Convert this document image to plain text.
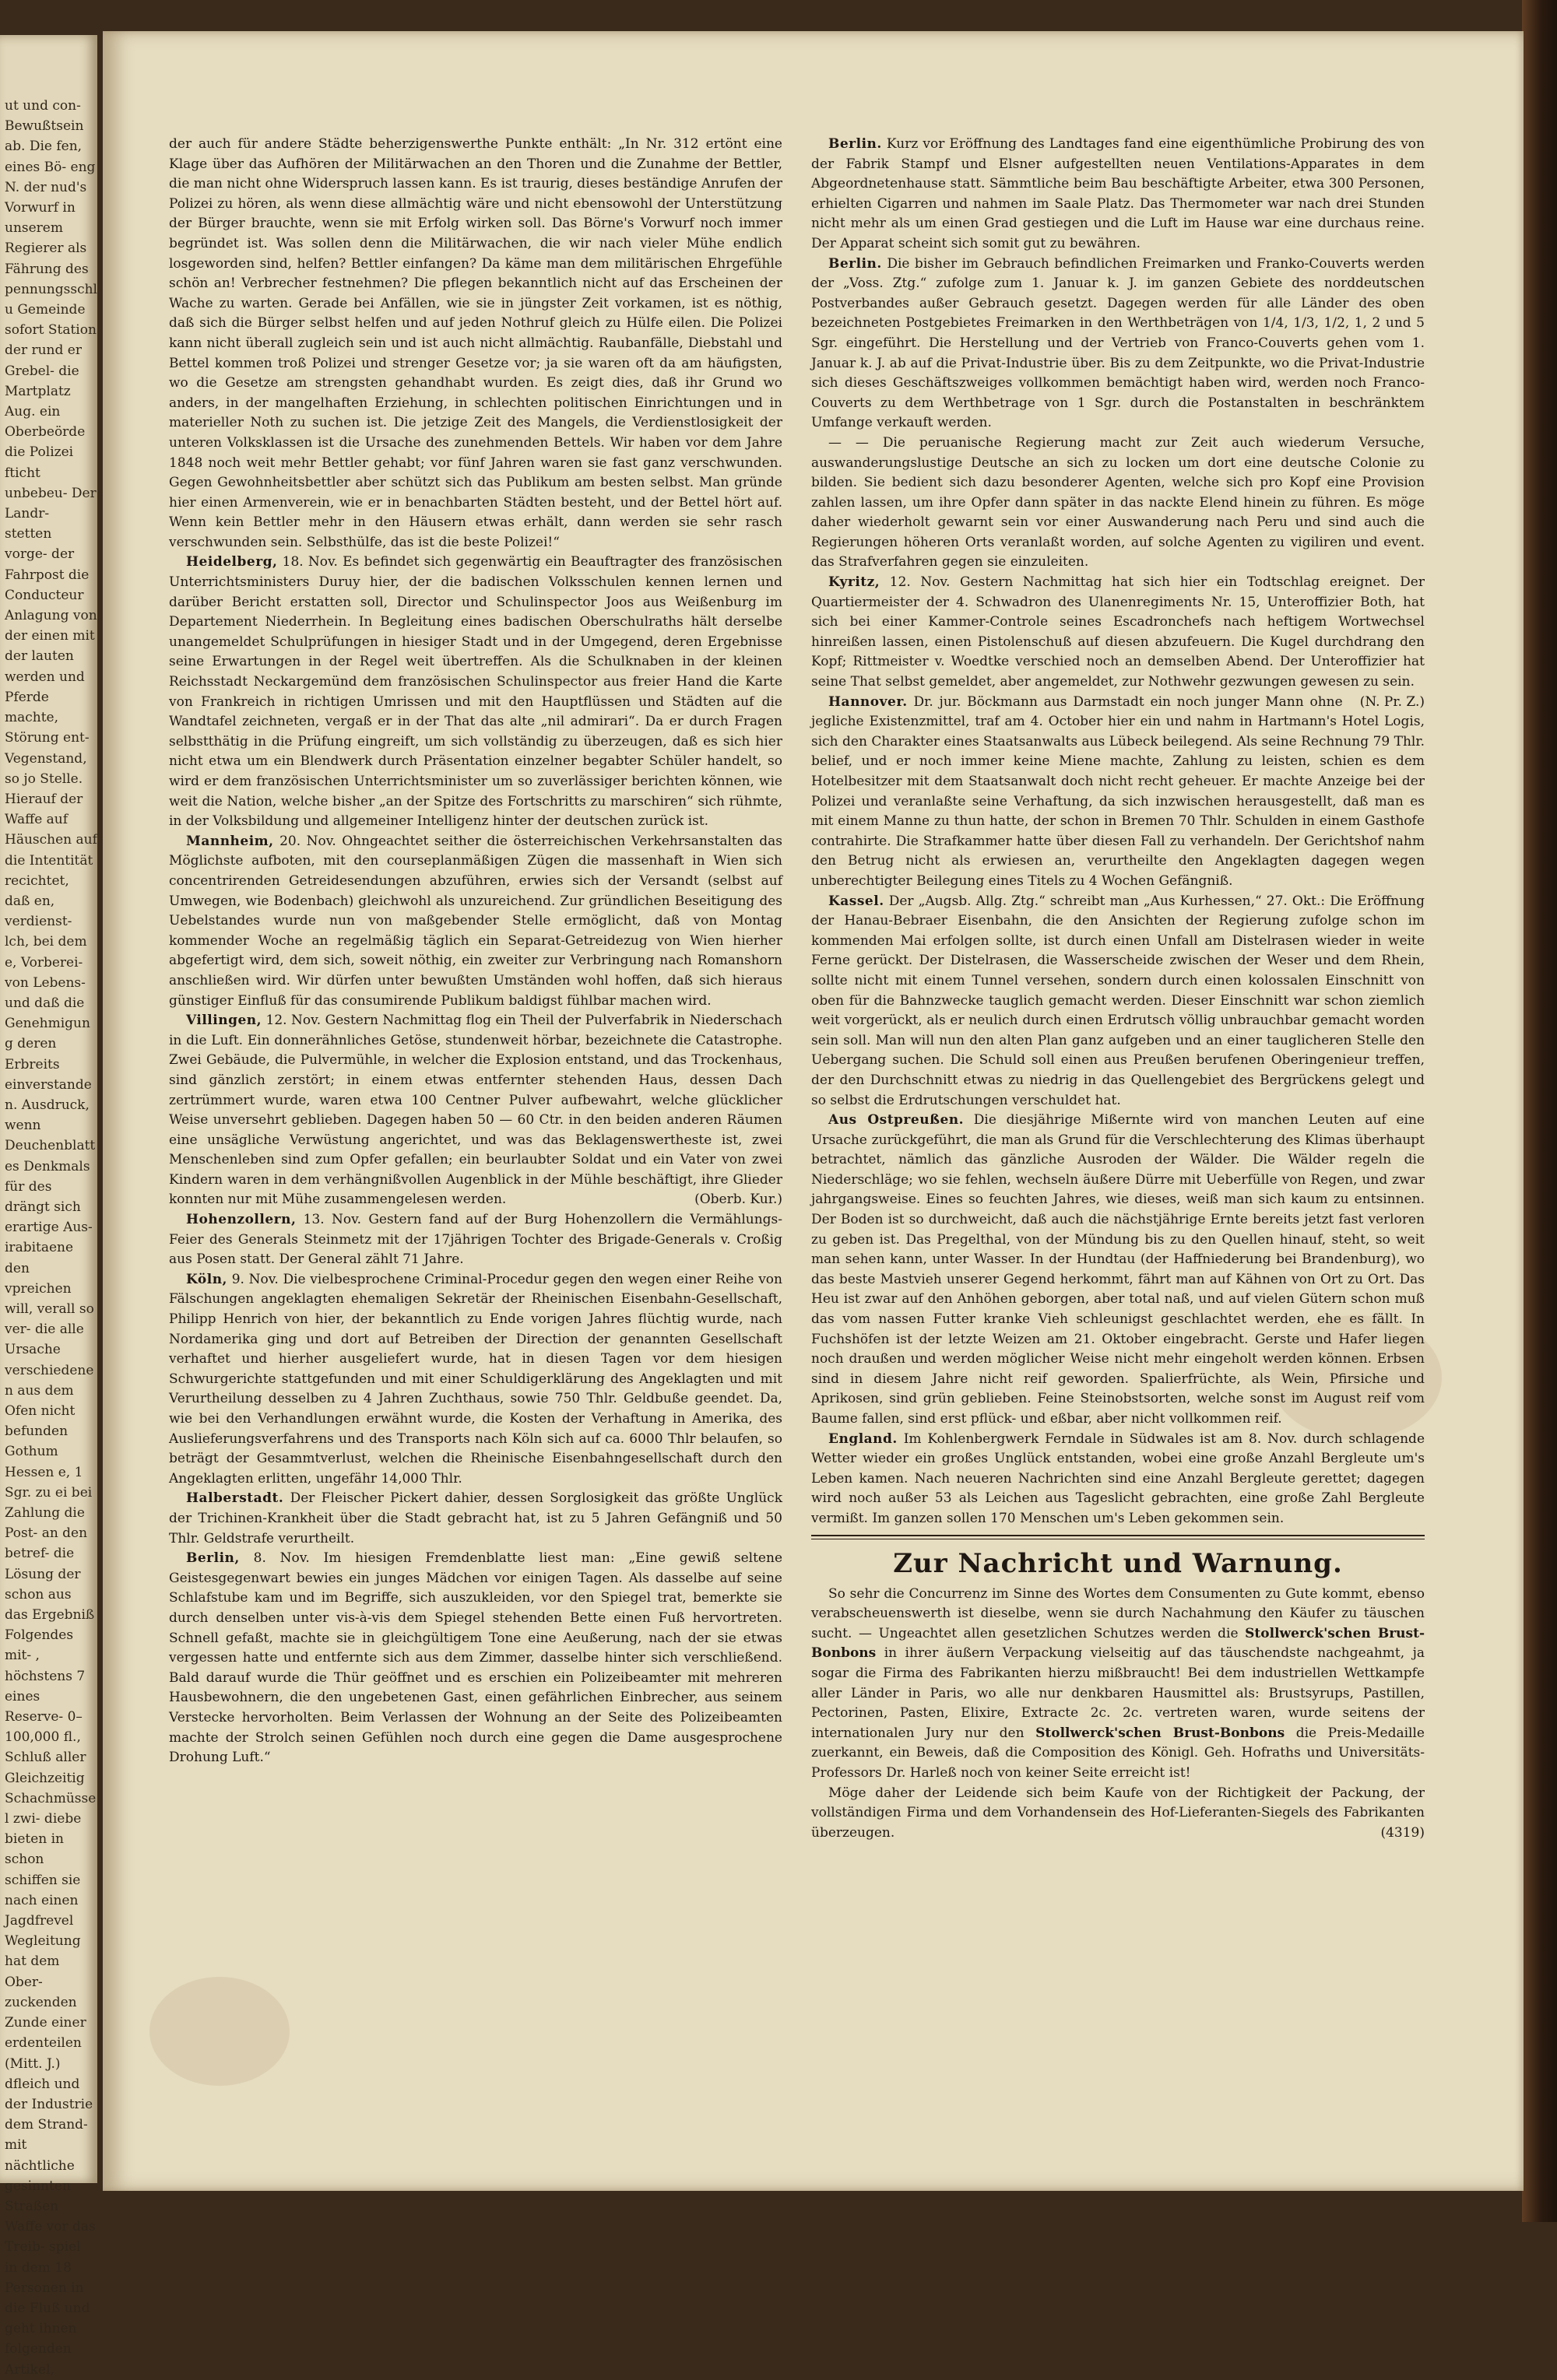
ut und con- Bewußtsein ab. Die fen, eines Bö- eng N. der nud's Vorwurf in unserem Regierer als Fährung des pennungsschlu Gemeinde sofort Station der rund er Grebel- die Martplatz Aug. ein Oberbeörde die Polizei fticht unbebeu- Der Landr- stetten vorge- der Fahrpost die Conducteur Anlagung von der einen mit der lauten werden und Pferde machte, Störung ent- Vegenstand, so jo Stelle. Hierauf der Waffe auf Häuschen auf die Intentität recichtet, daß en, verdienst- lch, bei dem e, Vorberei- von Lebens- und daß die Genehmigung deren Erbreits einverstanden. Ausdruck, wenn Deuchenblattes Denkmals für des drängt sich erartige Aus- irabitaene den vpreichen will, verall so ver- die alle Ursache verschiedenen aus dem Ofen nicht befunden Gothum Hessen e, 1 Sgr. zu ei bei Zahlung die Post- an den betref- die Lösung der schon aus das Ergebniß Folgendes mit- , höchstens 7 eines Reserve- 0–100,000 fl., Schluß aller Gleichzeitig Schachmüssel zwi- diebe bieten in schon schiffen sie nach einen Jagdfrevel Wegleitung hat dem Ober- zuckenden Zunde einer erdenteilen (Mitt. J.) dfleich und der Industrie dem Strand- mit nächtliche gesinnten Straßen Waffe vor das Treib- spiel in dem 18 Personen in die Fluß und geht ihnen folgenden Artikel,

der auch für andere Städte beherzigenswerthe Punkte enthält: „In Nr. 312 ertönt eine Klage über das Aufhören der Militärwachen an den Thoren und die Zunahme der Bettler, die man nicht ohne Widerspruch lassen kann. Es ist traurig, dieses beständige Anrufen der Polizei zu hören, als wenn diese allmächtig wäre und nicht ebensowohl der Unterstützung der Bürger brauchte, wenn sie mit Erfolg wirken soll. Das Börne's Vorwurf noch immer begründet ist. Was sollen denn die Militärwachen, die wir nach vieler Mühe endlich losgeworden sind, helfen? Bettler einfangen? Da käme man dem militärischen Ehrgefühle schön an! Verbrecher festnehmen? Die pflegen bekanntlich nicht auf das Erscheinen der Wache zu warten. Gerade bei Anfällen, wie sie in jüngster Zeit vorkamen, ist es nöthig, daß sich die Bürger selbst helfen und auf jeden Nothruf gleich zu Hülfe eilen. Die Polizei kann nicht überall zugleich sein und ist auch nicht allmächtig. Raubanfälle, Diebstahl und Bettel kommen troß Polizei und strenger Gesetze vor; ja sie waren oft da am häufigsten, wo die Gesetze am strengsten gehandhabt wurden. Es zeigt dies, daß ihr Grund wo anders, in der mangelhaften Erziehung, in schlechten politischen Einrichtungen und in materieller Noth zu suchen ist. Die jetzige Zeit des Mangels, die Verdienstlosigkeit der unteren Volksklassen ist die Ursache des zunehmenden Bettels. Wir haben vor dem Jahre 1848 noch weit mehr Bettler gehabt; vor fünf Jahren waren sie fast ganz verschwunden. Gegen Gewohnheitsbettler aber schützt sich das Publikum am besten selbst. Man gründe hier einen Armenverein, wie er in benachbarten Städten besteht, und der Bettel hört auf. Wenn kein Bettler mehr in den Häusern etwas erhält, dann werden sie sehr rasch verschwunden sein. Selbsthülfe, das ist die beste Polizei!“

Heidelberg, 18. Nov. Es befindet sich gegenwärtig ein Beauftragter des französischen Unterrichtsministers Duruy hier, der die badischen Volksschulen kennen lernen und darüber Bericht erstatten soll, Director und Schulinspector Joos aus Weißenburg im Departement Niederrhein. In Begleitung eines badischen Oberschulraths hält derselbe unangemeldet Schulprüfungen in hiesiger Stadt und in der Umgegend, deren Ergebnisse seine Erwartungen in der Regel weit übertreffen. Als die Schulknaben in der kleinen Reichsstadt Neckargemünd dem französischen Schulinspector aus freier Hand die Karte von Frankreich in richtigen Umrissen und mit den Hauptflüssen und Städten auf die Wandtafel zeichneten, vergaß er in der That das alte „nil admirari“. Da er durch Fragen selbstthätig in die Prüfung eingreift, um sich vollständig zu überzeugen, daß es sich hier nicht etwa um ein Blendwerk durch Präsentation einzelner begabter Schüler handelt, so wird er dem französischen Unterrichtsminister um so zuverlässiger berichten können, wie weit die Nation, welche bisher „an der Spitze des Fortschritts zu marschiren“ sich rühmte, in der Volksbildung und allgemeiner Intelligenz hinter der deutschen zurück ist.

Mannheim, 20. Nov. Ohngeachtet seither die österreichischen Verkehrsanstalten das Möglichste aufboten, mit den courseplanmäßigen Zügen die massenhaft in Wien sich concentrirenden Getreidesendungen abzuführen, erwies sich der Versandt (selbst auf Umwegen, wie Bodenbach) gleichwohl als unzureichend. Zur gründlichen Beseitigung des Uebelstandes wurde nun von maßgebender Stelle ermöglicht, daß von Montag kommender Woche an regelmäßig täglich ein Separat-Getreidezug von Wien hierher abgefertigt wird, dem sich, soweit nöthig, ein zweiter zur Verbringung nach Romanshorn anschließen wird. Wir dürfen unter bewußten Umständen wohl hoffen, daß sich hieraus günstiger Einfluß für das consumirende Publikum baldigst fühlbar machen wird.

Villingen, 12. Nov. Gestern Nachmittag flog ein Theil der Pulverfabrik in Niederschach in die Luft. Ein donnerähnliches Getöse, stundenweit hörbar, bezeichnete die Catastrophe. Zwei Gebäude, die Pulvermühle, in welcher die Explosion entstand, und das Trockenhaus, sind gänzlich zerstört; in einem etwas entfernter stehenden Haus, dessen Dach zertrümmert wurde, waren etwa 100 Centner Pulver aufbewahrt, welche glücklicher Weise unversehrt geblieben. Dagegen haben 50 — 60 Ctr. in den beiden anderen Räumen eine unsägliche Verwüstung angerichtet, und was das Beklagenswertheste ist, zwei Menschenleben sind zum Opfer gefallen; ein beurlaubter Soldat und ein Vater von zwei Kindern waren in dem verhängnißvollen Augenblick in der Mühle beschäftigt, ihre Glieder konnten nur mit Mühe zusammengelesen werden.	(Oberb. Kur.)

Hohenzollern, 13. Nov. Gestern fand auf der Burg Hohenzollern die Vermählungs-Feier des Generals Steinmetz mit der 17jährigen Tochter des Brigade-Generals v. Croßig aus Posen statt. Der General zählt 71 Jahre.

Köln, 9. Nov. Die vielbesprochene Criminal-Procedur gegen den wegen einer Reihe von Fälschungen angeklagten ehemaligen Sekretär der Rheinischen Eisenbahn-Gesellschaft, Philipp Henrich von hier, der bekanntlich zu Ende vorigen Jahres flüchtig wurde, nach Nordamerika ging und dort auf Betreiben der Direction der genannten Gesellschaft verhaftet und hierher ausgeliefert wurde, hat in diesen Tagen vor dem hiesigen Schwurgerichte stattgefunden und mit einer Schuldigerklärung des Angeklagten und mit Verurtheilung desselben zu 4 Jahren Zuchthaus, sowie 750 Thlr. Geldbuße geendet. Da, wie bei den Verhandlungen erwähnt wurde, die Kosten der Verhaftung in Amerika, des Auslieferungsverfahrens und des Transports nach Köln sich auf ca. 6000 Thlr belaufen, so beträgt der Gesammtverlust, welchen die Rheinische Eisenbahngesellschaft durch den Angeklagten erlitten, ungefähr 14,000 Thlr.

Halberstadt. Der Fleischer Pickert dahier, dessen Sorglosigkeit das größte Unglück der Trichinen-Krankheit über die Stadt gebracht hat, ist zu 5 Jahren Gefängniß und 50 Thlr. Geldstrafe verurtheilt.

Berlin, 8. Nov. Im hiesigen Fremdenblatte liest man: „Eine gewiß seltene Geistesgegenwart bewies ein junges Mädchen vor einigen Tagen. Als dasselbe auf seine Schlafstube kam und im Begriffe, sich auszukleiden, vor den Spiegel trat, bemerkte sie durch denselben unter vis-à-vis dem Spiegel stehenden Bette einen Fuß hervortreten. Schnell gefaßt, machte sie in gleichgültigem Tone eine Aeußerung, nach der sie etwas vergessen hatte und entfernte sich aus dem Zimmer, dasselbe hinter sich verschließend. Bald darauf wurde die Thür geöffnet und es erschien ein Polizeibeamter mit mehreren Hausbewohnern, die den ungebetenen Gast, einen gefährlichen Einbrecher, aus seinem Verstecke hervorholten. Beim Verlassen der Wohnung an der Seite des Polizeibeamten machte der Strolch seinen Gefühlen noch durch eine gegen die Dame ausgesprochene Drohung Luft.“

Berlin. Kurz vor Eröffnung des Landtages fand eine eigenthümliche Probirung des von der Fabrik Stampf und Elsner aufgestellten neuen Ventilations-Apparates in dem Abgeordnetenhause statt. Sämmtliche beim Bau beschäftigte Arbeiter, etwa 300 Personen, erhielten Cigarren und nahmen im Saale Platz. Das Thermometer war nach drei Stunden nicht mehr als um einen Grad gestiegen und die Luft im Hause war eine durchaus reine. Der Apparat scheint sich somit gut zu bewähren.

Berlin. Die bisher im Gebrauch befindlichen Freimarken und Franko-Couverts werden der „Voss. Ztg.“ zufolge zum 1. Januar k. J. im ganzen Gebiete des norddeutschen Postverbandes außer Gebrauch gesetzt. Dagegen werden für alle Länder des oben bezeichneten Postgebietes Freimarken in den Werthbeträgen von 1/4, 1/3, 1/2, 1, 2 und 5 Sgr. eingeführt. Die Herstellung und der Vertrieb von Franco-Couverts gehen vom 1. Januar k. J. ab auf die Privat-Industrie über. Bis zu dem Zeitpunkte, wo die Privat-Industrie sich dieses Geschäftszweiges vollkommen bemächtigt haben wird, werden noch Franco-Couverts zu dem Werthbetrage von 1 Sgr. durch die Postanstalten in beschränktem Umfange verkauft werden.

— — Die peruanische Regierung macht zur Zeit auch wiederum Versuche, auswanderungslustige Deutsche an sich zu locken um dort eine deutsche Colonie zu bilden. Sie bedient sich dazu besonderer Agenten, welche sich pro Kopf eine Provision zahlen lassen, um ihre Opfer dann später in das nackte Elend hinein zu führen. Es möge daher wiederholt gewarnt sein vor einer Auswanderung nach Peru und sind auch die Regierungen höheren Orts veranlaßt worden, auf solche Agenten zu vigiliren und event. das Strafverfahren gegen sie einzuleiten.

Kyritz, 12. Nov. Gestern Nachmittag hat sich hier ein Todtschlag ereignet. Der Quartiermeister der 4. Schwadron des Ulanenregiments Nr. 15, Unteroffizier Both, hat sich bei einer Kammer-Controle seines Escadronchefs nach heftigem Wortwechsel hinreißen lassen, einen Pistolenschuß auf diesen abzufeuern. Die Kugel durchdrang den Kopf; Rittmeister v. Woedtke verschied noch an demselben Abend. Der Unteroffizier hat seine That selbst gemeldet, aber angemeldet, zur Nothwehr gezwungen gewesen zu sein.
(N. Pr. Z.)

Hannover. Dr. jur. Böckmann aus Darmstadt ein noch junger Mann ohne jegliche Existenzmittel, traf am 4. October hier ein und nahm in Hartmann's Hotel Logis, sich den Charakter eines Staatsanwalts aus Lübeck beilegend. Als seine Rechnung 79 Thlr. belief, und er noch immer keine Miene machte, Zahlung zu leisten, schien es dem Hotelbesitzer mit dem Staatsanwalt doch nicht recht geheuer. Er machte Anzeige bei der Polizei und veranlaßte seine Verhaftung, da sich inzwischen herausgestellt, daß man es mit einem Manne zu thun hatte, der schon in Bremen 70 Thlr. Schulden in einem Gasthofe contrahirte. Die Strafkammer hatte über diesen Fall zu verhandeln. Der Gerichtshof nahm den Betrug nicht als erwiesen an, verurtheilte den Angeklagten dagegen wegen unberechtigter Beilegung eines Titels zu 4 Wochen Gefängniß.

Kassel. Der „Augsb. Allg. Ztg.“ schreibt man „Aus Kurhessen,“ 27. Okt.: Die Eröffnung der Hanau-Bebraer Eisenbahn, die den Ansichten der Regierung zufolge schon im kommenden Mai erfolgen sollte, ist durch einen Unfall am Distelrasen wieder in weite Ferne gerückt. Der Distelrasen, die Wasserscheide zwischen der Weser und dem Rhein, sollte nicht mit einem Tunnel versehen, sondern durch einen kolossalen Einschnitt von oben für die Bahnzwecke tauglich gemacht werden. Dieser Einschnitt war schon ziemlich weit vorgerückt, als er neulich durch einen Erdrutsch völlig unbrauchbar gemacht worden sein soll. Man will nun den alten Plan ganz aufgeben und an einer tauglicheren Stelle den Uebergang suchen. Die Schuld soll einen aus Preußen berufenen Oberingenieur treffen, der den Durchschnitt etwas zu niedrig in das Quellengebiet des Bergrückens gelegt und so selbst die Erdrutschungen verschuldet hat.

Aus Ostpreußen. Die diesjährige Mißernte wird von manchen Leuten auf eine Ursache zurückgeführt, die man als Grund für die Verschlechterung des Klimas überhaupt betrachtet, nämlich das gänzliche Ausroden der Wälder. Die Wälder regeln die Niederschläge; wo sie fehlen, wechseln äußere Dürre mit Ueberfülle von Regen, und zwar jahrgangsweise. Eines so feuchten Jahres, wie dieses, weiß man sich kaum zu entsinnen. Der Boden ist so durchweicht, daß auch die nächstjährige Ernte bereits jetzt fast verloren zu geben ist. Das Pregelthal, von der Mündung bis zu den Quellen hinauf, steht, so weit man sehen kann, unter Wasser. In der Hundtau (der Haffniederung bei Brandenburg), wo das beste Mastvieh unserer Gegend herkommt, fährt man auf Kähnen von Ort zu Ort. Das Heu ist zwar auf den Anhöhen geborgen, aber total naß, und auf vielen Gütern schon muß das vom nassen Futter kranke Vieh schleunigst geschlachtet werden, ehe es fällt. In Fuchshöfen ist der letzte Weizen am 21. Oktober eingebracht. Gerste und Hafer liegen noch draußen und werden möglicher Weise nicht mehr eingeholt werden können. Erbsen sind in diesem Jahre nicht reif geworden. Spalierfrüchte, als Wein, Pfirsiche und Aprikosen, sind grün geblieben. Feine Steinobstsorten, welche sonst im August reif vom Baume fallen, sind erst pflück- und eßbar, aber nicht vollkommen reif.

England. Im Kohlenbergwerk Ferndale in Südwales ist am 8. Nov. durch schlagende Wetter wieder ein großes Unglück entstanden, wobei eine große Anzahl Bergleute um's Leben kamen. Nach neueren Nachrichten sind eine Anzahl Bergleute gerettet; dagegen wird noch außer 53 als Leichen aus Tageslicht gebrachten, eine große Zahl Bergleute vermißt. Im ganzen sollen 170 Menschen um's Leben gekommen sein.

Zur Nachricht und Warnung.

So sehr die Concurrenz im Sinne des Wortes dem Consumenten zu Gute kommt, ebenso verabscheuenswerth ist dieselbe, wenn sie durch Nachahmung den Käufer zu täuschen sucht. — Ungeachtet allen gesetzlichen Schutzes werden die Stollwerck'schen Brust-Bonbons in ihrer äußern Verpackung vielseitig auf das täuschendste nachgeahmt, ja sogar die Firma des Fabrikanten hierzu mißbraucht! Bei dem industriellen Wettkampfe aller Länder in Paris, wo alle nur denkbaren Hausmittel als: Brustsyrups, Pastillen, Pectorinen, Pasten, Elixire, Extracte 2c. 2c. vertreten waren, wurde seitens der internationalen Jury nur den Stollwerck'schen Brust-Bonbons die Preis-Medaille zuerkannt, ein Beweis, daß die Composition des Königl. Geh. Hofraths und Universitäts-Professors Dr. Harleß noch von keiner Seite erreicht ist!

Möge daher der Leidende sich beim Kaufe von der Richtigkeit der Packung, der vollständigen Firma und dem Vorhandensein des Hof-Lieferanten-Siegels des Fabrikanten überzeugen.	(4319)
